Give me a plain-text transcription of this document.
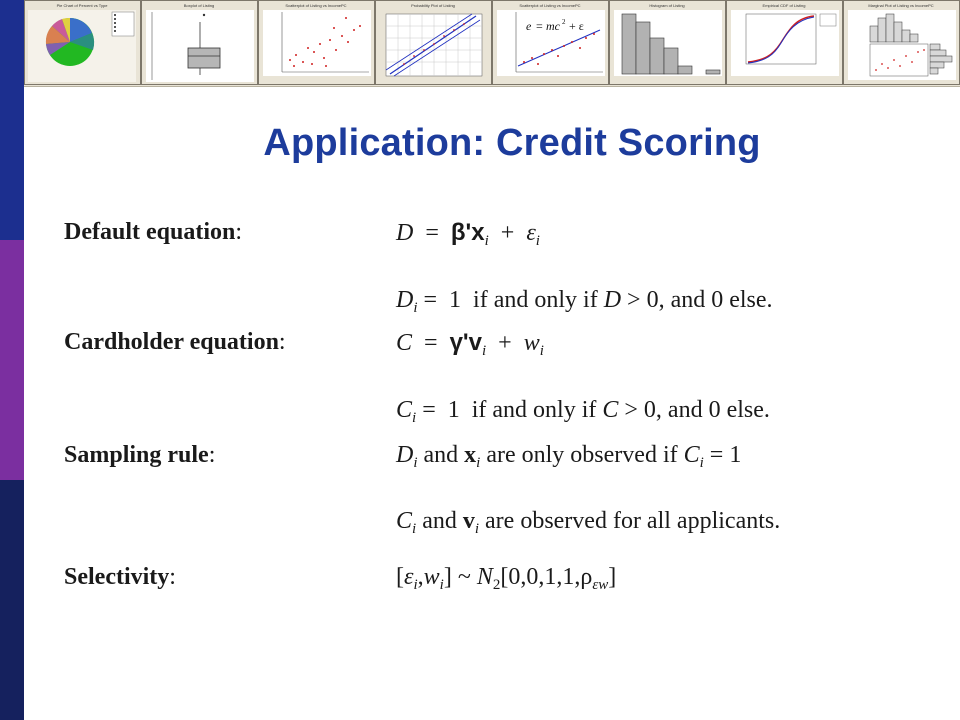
Pie Chart of Percent vs Type	Boxplot of Listing	Scatterplot of Listing vs IncomePC	Probability Plot of Listing	Scatterplot of Listing vs IncomePC	Histogram of Listing	Empirical CDF of Listing	Marginal Plot of Listing vs IncomePC
e = mc 2 + ε
Application: Credit Scoring
Default equation:	$D = \beta'x_i + \varepsilon_i$
$D_i = 1$  if and only if D > 0, and 0 else.
Cardholder equation:	$C = \gamma'v_i + w_i$
$C_i = 1$  if and only if C > 0, and 0 else.
Sampling rule:	$D_i$ and $x_i$ are only observed if $C_i = 1$
$C_i$ and $v_i$ are observed for all applicants.
Selectivity:	$[\varepsilon_i,w_i]$ ~ $N_2[0,0,1,1,\rho_{\varepsilon w}]$
